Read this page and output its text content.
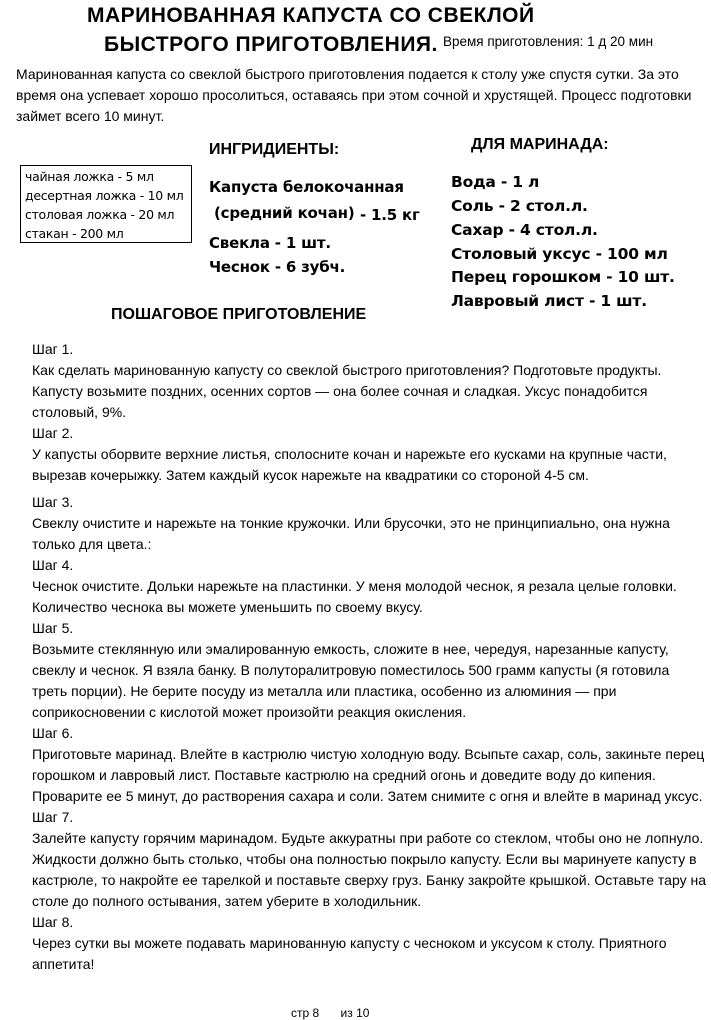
МАРИНОВАННАЯ КАПУСТА СО СВЕКЛОЙ
БЫСТРОГО ПРИГОТОВЛЕНИЯ. Время приготовления: 1 д 20 мин

Маринованная капуста со свеклой быстрого приготовления подается к столу уже спустя сутки. За это время она успевает хорошо просолиться, оставаясь при этом сочной и хрустящей. Процесс подготовки займет всего 10 минут.

чайная ложка - 5 мл
десертная ложка - 10 мл
столовая ложка - 20 мл
стакан - 200 мл
ИНГРИДИЕНТЫ:
Капуста белокочанная
(средний кочан) - 1.5 кг
Свекла - 1 шт.
Чеснок - 6 зубч.
ДЛЯ МАРИНАДА:
Вода - 1 л
Соль - 2 стол.л.
Сахар - 4 стол.л.
Столовый уксус - 100 мл
Перец горошком - 10 шт.
Лавровый лист - 1 шт.
ПОШАГОВОЕ ПРИГОТОВЛЕНИЕ

Шаг 1.

Как сделать маринованную капусту со свеклой быстрого приготовления? Подготовьте продукты. Капусту возьмите поздних, осенних сортов — она более сочная и сладкая. Уксус понадобится столовый, 9%.

Шаг 2.

У капусты оборвите верхние листья, сполосните кочан и нарежьте его кусками на крупные части, вырезав кочерыжку. Затем каждый кусок нарежьте на квадратики со стороной 4-5 см.

Шаг 3.

Свеклу очистите и нарежьте на тонкие кружочки. Или брусочки, это не принципиально, она нужна только для цвета.:

Шаг 4.

Чеснок очистите. Дольки нарежьте на пластинки. У меня молодой чеснок, я резала целые головки. Количество чеснока вы можете уменьшить по своему вкусу.

Шаг 5.

Возьмите стеклянную или эмалированную емкость, сложите в нее, чередуя, нарезанные капусту, свеклу и чеснок. Я взяла банку. В полуторалитровую поместилось 500 грамм капусты (я готовила треть порции). Не берите посуду из металла или пластика, особенно из алюминия — при соприкосновении с кислотой может произойти реакция окисления.

Шаг 6.

Приготовьте маринад. Влейте в кастрюлю чистую холодную воду. Всыпьте сахар, соль, закиньте перец горошком и лавровый лист. Поставьте кастрюлю на средний огонь и доведите воду до кипения. Проварите ее 5 минут, до растворения сахара и соли. Затем снимите с огня и влейте в маринад уксус.

Шаг 7.

Залейте капусту горячим маринадом. Будьте аккуратны при работе со стеклом, чтобы оно не лопнуло. Жидкости должно быть столько, чтобы она полностью покрыло капусту. Если вы маринуете капусту в кастрюле, то накройте ее тарелкой и поставьте сверху груз. Банку закройте крышкой. Оставьте тару на столе до полного остывания, затем уберите в холодильник.

Шаг 8.

Через сутки вы можете подавать маринованную капусту с чесноком и уксусом к столу. Приятного аппетита!

стр 8 из 10
